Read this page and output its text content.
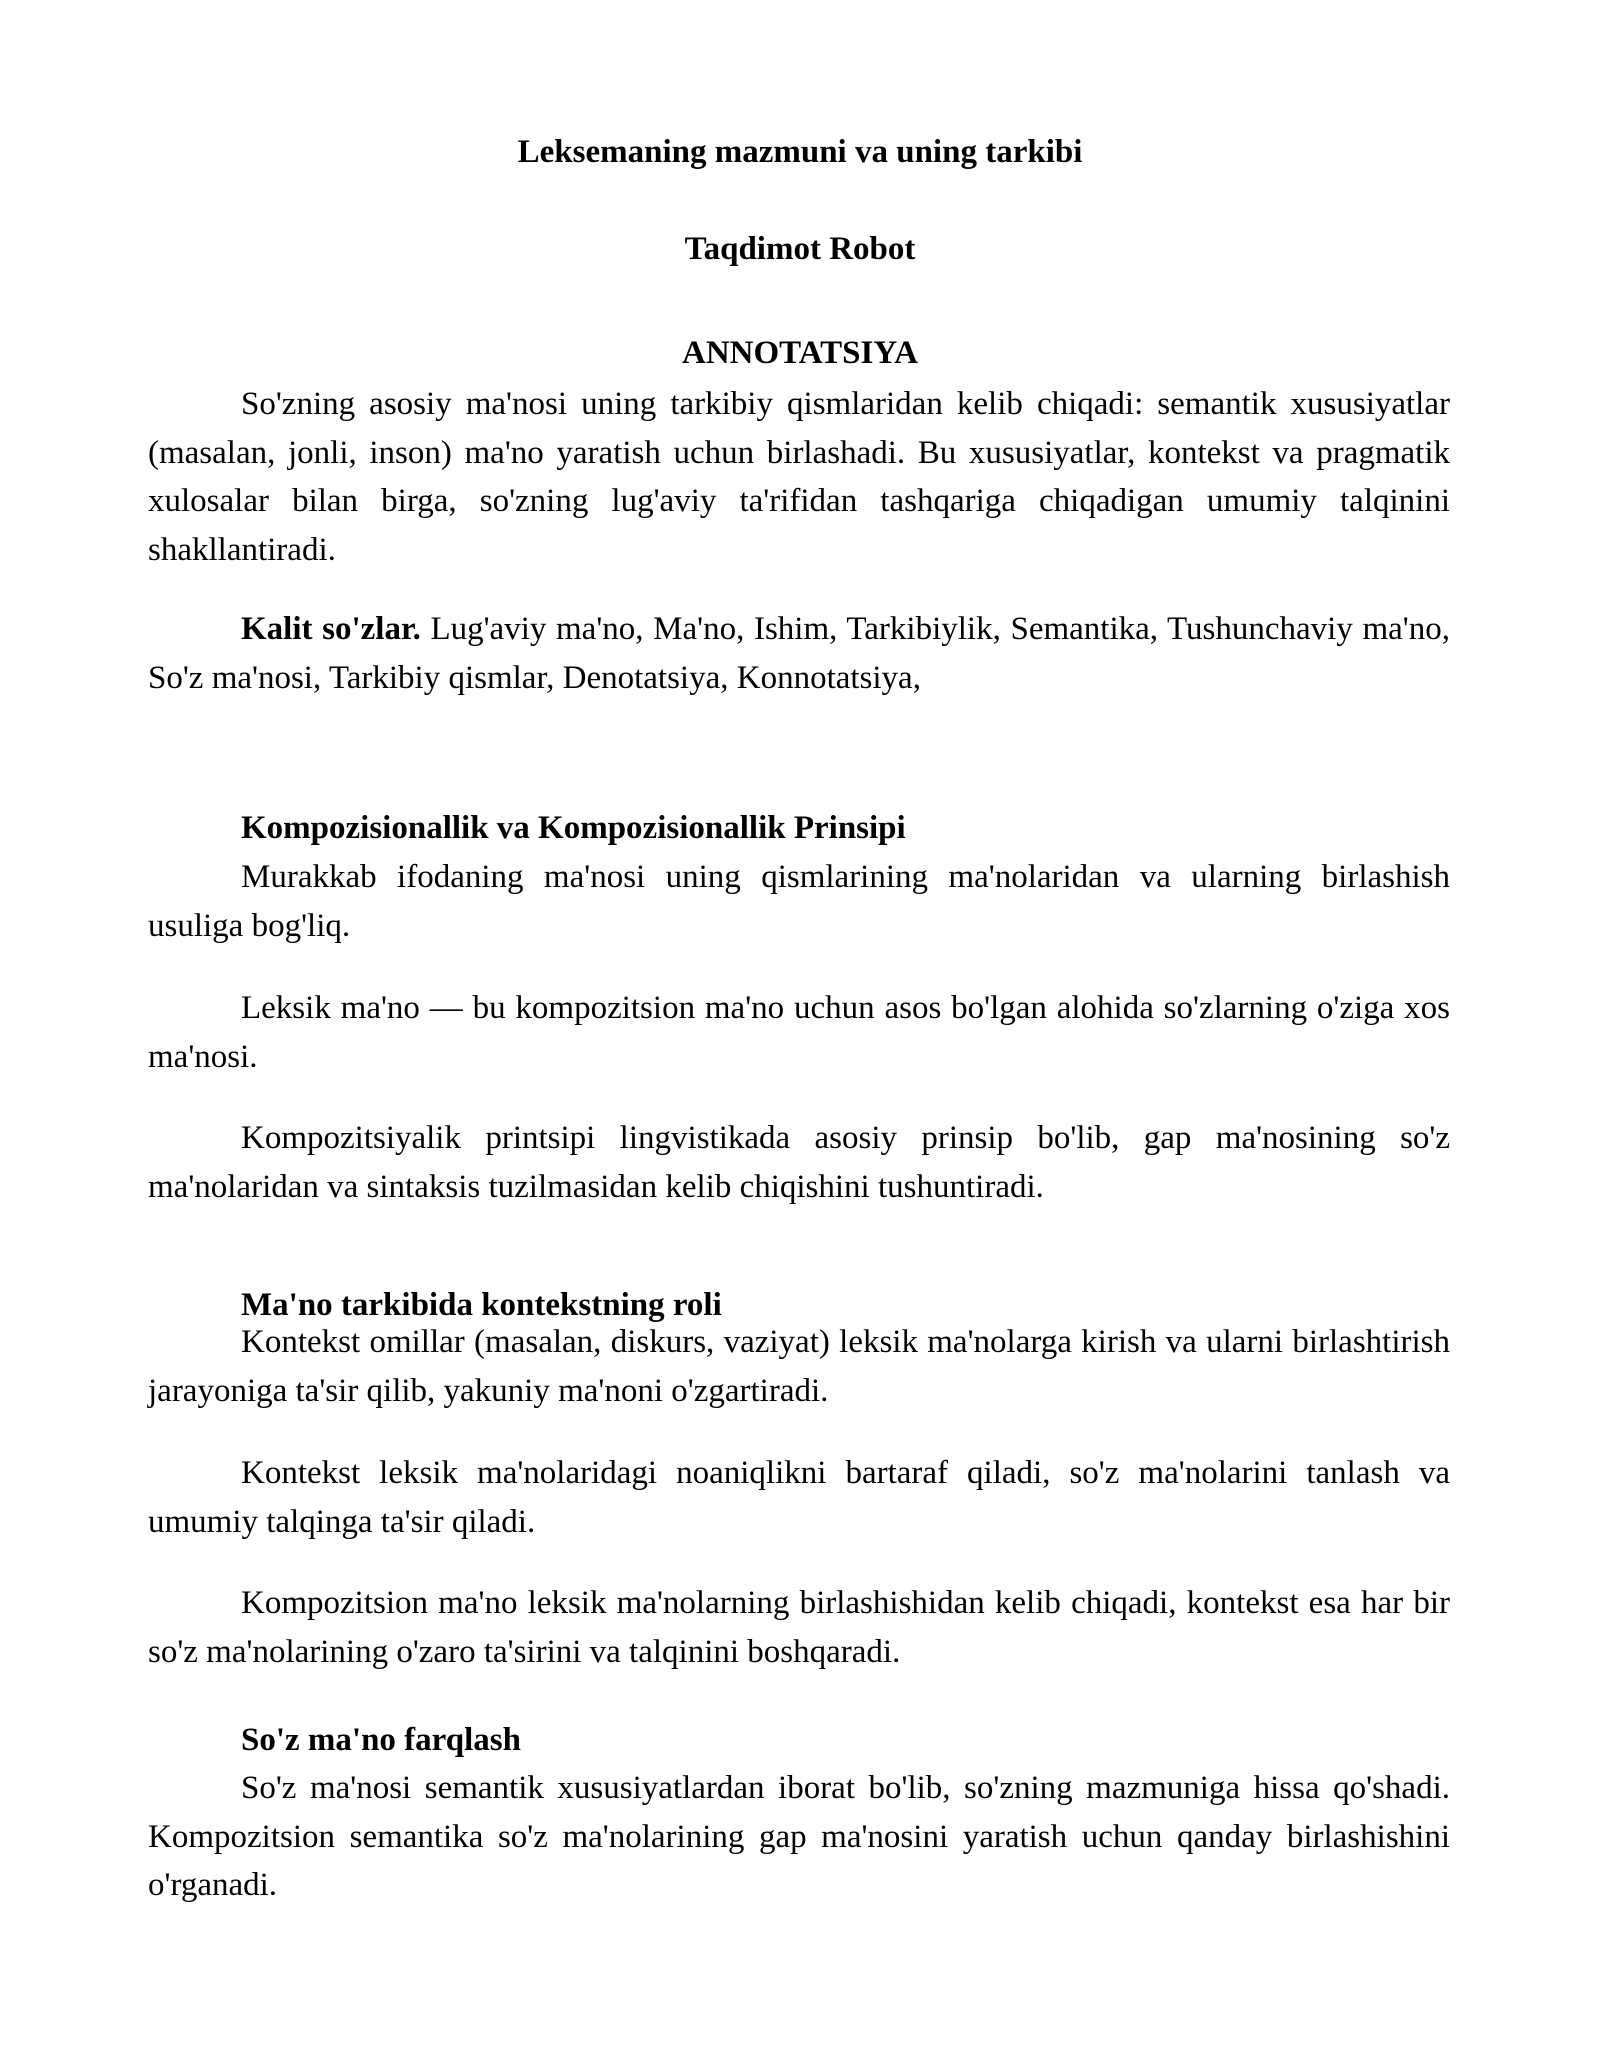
Leksemaning mazmuni va uning tarkibi
Taqdimot Robot
ANNOTATSIYA

So'zning asosiy ma'nosi uning tarkibiy qismlaridan kelib chiqadi: semantik xususiyatlar (masalan, jonli, inson) ma'no yaratish uchun birlashadi. Bu xususiyatlar, kontekst va pragmatik xulosalar bilan birga, so'zning lug'aviy ta'rifidan tashqariga chiqadigan umumiy talqinini shakllantiradi.

Kalit so'zlar. Lug'aviy ma'no, Ma'no, Ishim, Tarkibiylik, Semantika, Tushunchaviy ma'no, So'z ma'nosi, Tarkibiy qismlar, Denotatsiya, Konnotatsiya,

Kompozisionallik va Kompozisionallik Prinsipi

Murakkab ifodaning ma'nosi uning qismlarining ma'nolaridan va ularning birlashish usuliga bog'liq.

Leksik ma'no — bu kompozitsion ma'no uchun asos bo'lgan alohida so'zlarning o'ziga xos ma'nosi.

Kompozitsiyalik printsipi lingvistikada asosiy prinsip bo'lib, gap ma'nosining so'z ma'nolaridan va sintaksis tuzilmasidan kelib chiqishini tushuntiradi.

Ma'no tarkibida kontekstning roli

Kontekst omillar (masalan, diskurs, vaziyat) leksik ma'nolarga kirish va ularni birlashtirish jarayoniga ta'sir qilib, yakuniy ma'noni o'zgartiradi.

Kontekst leksik ma'nolaridagi noaniqlikni bartaraf qiladi, so'z ma'nolarini tanlash va umumiy talqinga ta'sir qiladi.

Kompozitsion ma'no leksik ma'nolarning birlashishidan kelib chiqadi, kontekst esa har bir so'z ma'nolarining o'zaro ta'sirini va talqinini boshqaradi.

So'z ma'no farqlash

So'z ma'nosi semantik xususiyatlardan iborat bo'lib, so'zning mazmuniga hissa qo'shadi. Kompozitsion semantika so'z ma'nolarining gap ma'nosini yaratish uchun qanday birlashishini o'rganadi.
